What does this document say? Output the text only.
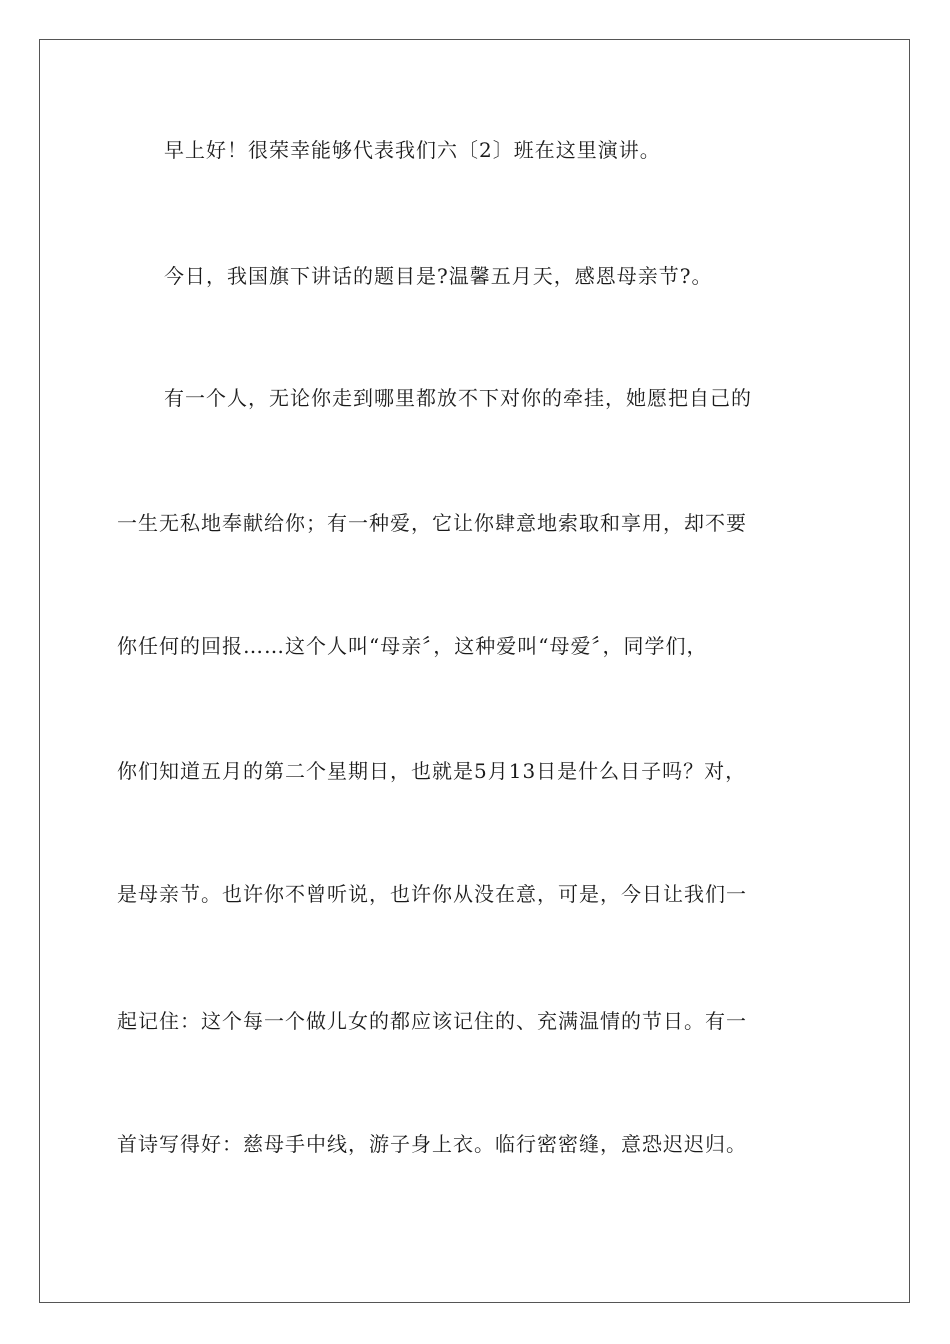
早上好！很荣幸能够代表我们六〔2〕班在这里演讲。
今日，我国旗下讲话的题目是?温馨五月天，感恩母亲节?。
有一个人，无论你走到哪里都放不下对你的牵挂，她愿把自己的
一生无私地奉献给你；有一种爱，它让你肆意地索取和享用，却不要
你任何的回报……这个人叫“母亲〞，这种爱叫“母爱〞，同学们，
你们知道五月的第二个星期日，也就是5月13日是什么日子吗？对，
是母亲节。也许你不曾听说，也许你从没在意，可是，今日让我们一
起记住：这个每一个做儿女的都应该记住的、充满温情的节日。有一
首诗写得好：慈母手中线，游子身上衣。临行密密缝，意恐迟迟归。
